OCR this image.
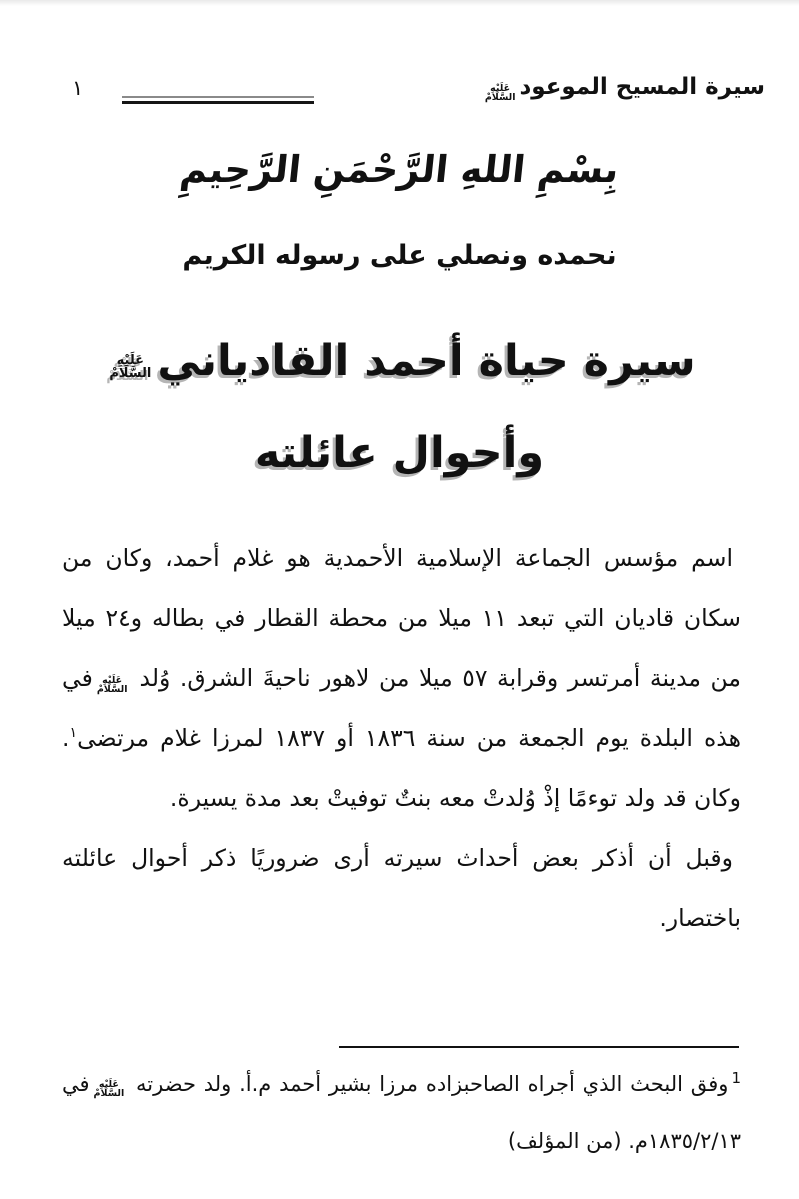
سيرة المسيح الموعود
عَلَيْهِ
السَّلَامْ
١
بِسْمِ اللهِ الرَّحْمَنِ الرَّحِيمِ
نحمده ونصلي على رسوله الكريم
سيرة حياة أحمد القادياني
عَلَيْهِ
السَّلَامْ
وأحوال عائلته

اسم مؤسس الجماعة الإسلامية الأحمدية هو غلام أحمد، وكان من سكان قاديان التي تبعد ١١ ميلا من محطة القطار في بطاله و٢٤ ميلا من مدينة أمرتسر وقرابة ٥٧ ميلا من لاهور ناحيةَ الشرق. وُلد
عَلَيْهِ
السَّلَامْ
في هذه البلدة يوم الجمعة من سنة ١٨٣٦ أو ١٨٣٧ لمرزا غلام مرتضى$^١$. وكان قد ولد توءمًا إذْ وُلدتْ معه بنتٌ توفيتْ بعد مدة يسيرة.

وقبل أن أذكر بعض أحداث سيرته أرى ضروريًا ذكر أحوال عائلته باختصار.

$^1$وفق البحث الذي أجراه الصاحبزاده مرزا بشير أحمد م.أ. ولد حضرته
عَلَيْهِ
السَّلَامْ
في ١٨٣٥/٢/١٣م. (من المؤلف)
